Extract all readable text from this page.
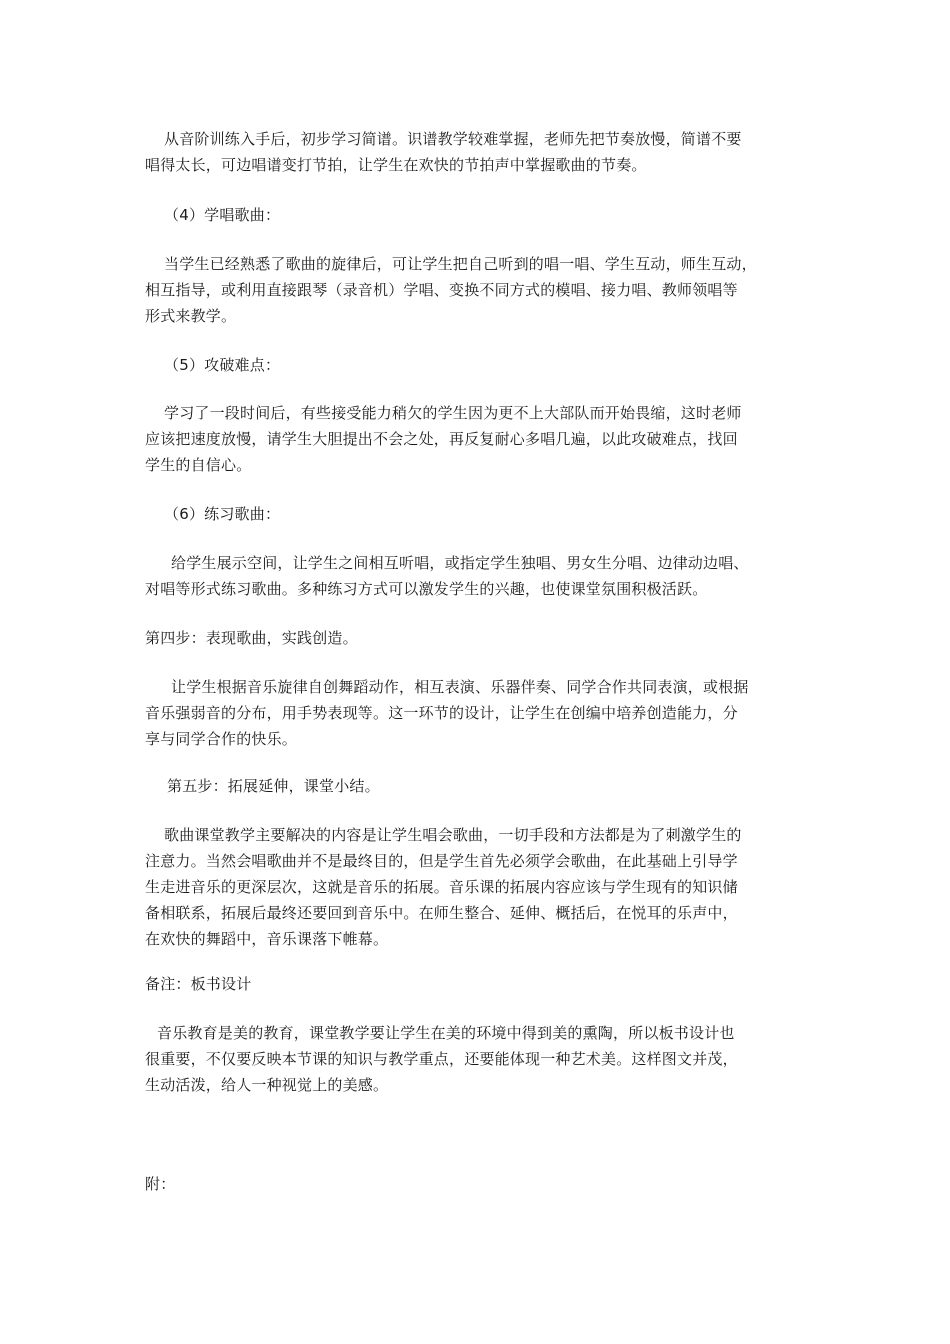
从音阶训练入手后，初步学习简谱。识谱教学较难掌握，老师先把节奏放慢，简谱不要
唱得太长，可边唱谱变打节拍，让学生在欢快的节拍声中掌握歌曲的节奏。
（4）学唱歌曲：
当学生已经熟悉了歌曲的旋律后，可让学生把自己听到的唱一唱、学生互动，师生互动，
相互指导，或利用直接跟琴（录音机）学唱、变换不同方式的模唱、接力唱、教师领唱等
形式来教学。
（5）攻破难点：
学习了一段时间后，有些接受能力稍欠的学生因为更不上大部队而开始畏缩，这时老师
应该把速度放慢，请学生大胆提出不会之处，再反复耐心多唱几遍，以此攻破难点，找回
学生的自信心。
（6）练习歌曲：
给学生展示空间，让学生之间相互听唱，或指定学生独唱、男女生分唱、边律动边唱、
对唱等形式练习歌曲。多种练习方式可以激发学生的兴趣，也使课堂氛围积极活跃。
第四步：表现歌曲，实践创造。
让学生根据音乐旋律自创舞蹈动作，相互表演、乐器伴奏、同学合作共同表演，或根据
音乐强弱音的分布，用手势表现等。这一环节的设计，让学生在创编中培养创造能力，分
享与同学合作的快乐。
第五步：拓展延伸，课堂小结。
歌曲课堂教学主要解决的内容是让学生唱会歌曲，一切手段和方法都是为了刺激学生的
注意力。当然会唱歌曲并不是最终目的，但是学生首先必须学会歌曲，在此基础上引导学
生走进音乐的更深层次，这就是音乐的拓展。音乐课的拓展内容应该与学生现有的知识储
备相联系，拓展后最终还要回到音乐中。在师生整合、延伸、概括后，在悦耳的乐声中，
在欢快的舞蹈中，音乐课落下帷幕。
备注：板书设计
音乐教育是美的教育，课堂教学要让学生在美的环境中得到美的熏陶，所以板书设计也
很重要，不仅要反映本节课的知识与教学重点，还要能体现一种艺术美。这样图文并茂，
生动活泼，给人一种视觉上的美感。
附：
